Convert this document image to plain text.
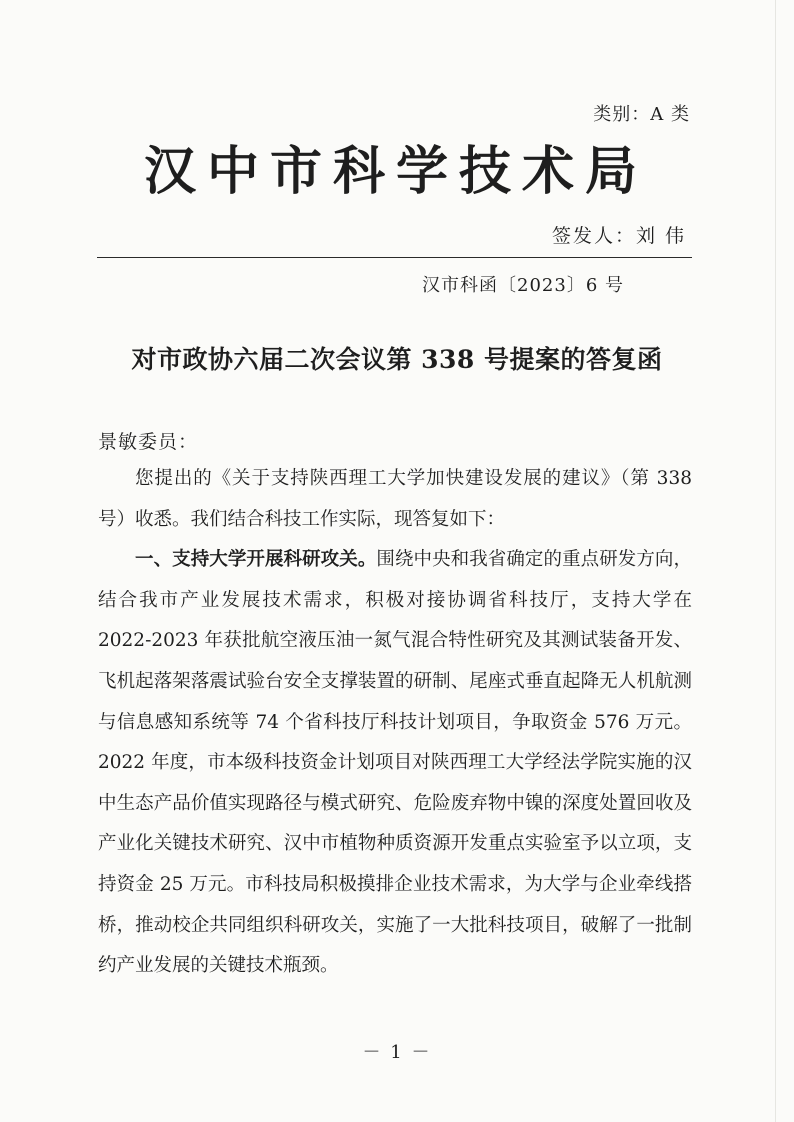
类别：A 类
汉中市科学技术局
签发人：刘 伟
汉市科函〔2023〕6 号
对市政协六届二次会议第 338 号提案的答复函
景敏委员：

您提出的《关于支持陕西理工大学加快建设发展的建议》（第 338 号）收悉。我们结合科技工作实际，现答复如下：

一、支持大学开展科研攻关。围绕中央和我省确定的重点研发方向，结合我市产业发展技术需求，积极对接协调省科技厅，支持大学在 2022-2023 年获批航空液压油一氮气混合特性研究及其测试装备开发、飞机起落架落震试验台安全支撑装置的研制、尾座式垂直起降无人机航测与信息感知系统等 74 个省科技厅科技计划项目，争取资金 576 万元。2022 年度，市本级科技资金计划项目对陕西理工大学经法学院实施的汉中生态产品价值实现路径与模式研究、危险废弃物中镍的深度处置回收及产业化关键技术研究、汉中市植物种质资源开发重点实验室予以立项，支持资金 25 万元。市科技局积极摸排企业技术需求，为大学与企业牵线搭桥，推动校企共同组织科研攻关，实施了一大批科技项目，破解了一批制约产业发展的关键技术瓶颈。

－ 1 －
